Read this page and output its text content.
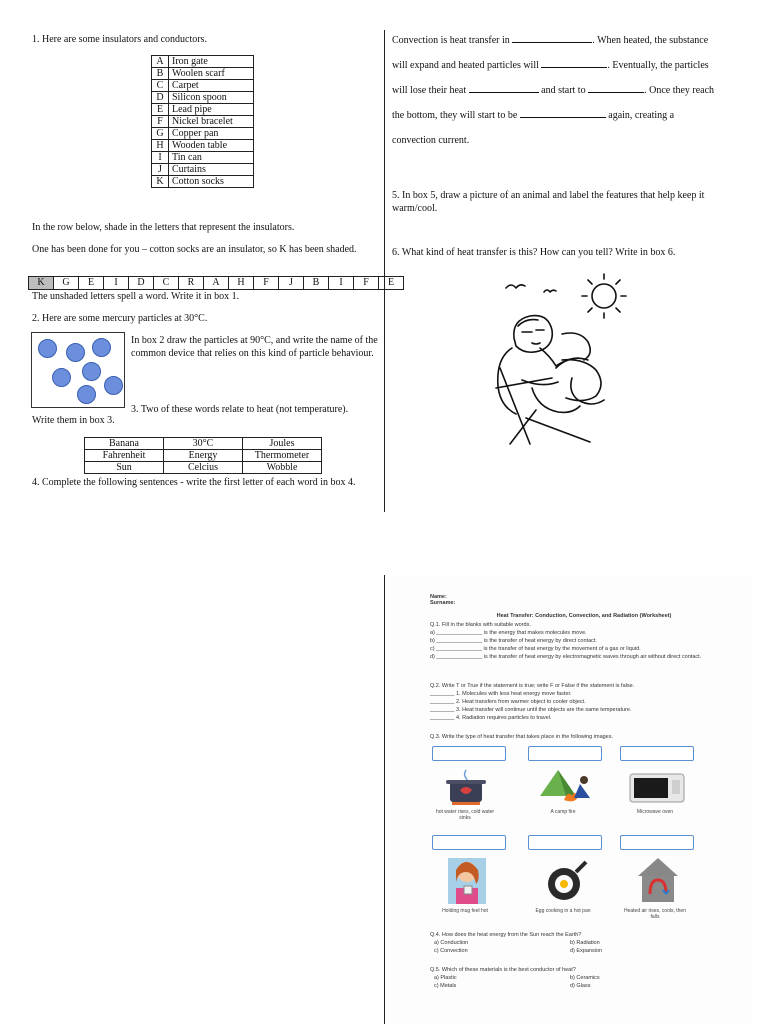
1. Here are some insulators and conductors.
A	Iron gate
B	Woolen scarf
C	Carpet
D	Silicon spoon
E	Lead pipe
F	Nickel bracelet
G	Copper pan
H	Wooden table
I	Tin can
J	Curtains
K	Cotton socks
In the row below, shade in the letters that represent the insulators.
One has been done for you – cotton socks are an insulator, so K has been shaded.
K	G	E	I	D	C	R	A	H	F	J	B	I	F	E
The unshaded letters spell a word. Write it in box 1.
2. Here are some mercury particles at 30°C.
In box 2 draw the particles at 90°C, and write the name of the common device that relies on this kind of particle behaviour.
3. Two of these words relate to heat (not temperature).
Write them in box 3.
Banana	30°C	Joules
Fahrenheit	Energy	Thermometer
Sun	Celcius	Wobble
4. Complete the following sentences - write the first letter of each word in box 4.
Convection is heat transfer in	. When heated, the substance
will expand and heated particles will	. Eventually, the particles
will lose their heat	and start to	. Once they reach
the bottom, they will start to be	again, creating a
convection current.
5. In box 5, draw a picture of an animal and label the features that help keep it warm/cool.
6. What kind of heat transfer is this? How can you tell? Write in box 6.
Name:
Surname:
Heat Transfer: Conduction, Convection, and Radiation (Worksheet)
Q.1. Fill in the blanks with suitable words.
a) _______________ is the energy that makes molecules move.
b) _______________ is the transfer of heat energy by direct contact.
c) _______________ is the transfer of heat energy by the movement of a gas or liquid.
d) _______________ is the transfer of heat energy by electromagnetic waves through air without direct contact.
Q.2. Write T or True if the statement is true; write F or False if the statement is false.
________ 1. Molecules with less heat energy move faster.
________ 2. Heat transfers from warmer object to cooler object.
________ 3. Heat transfer will continue until the objects are the same temperature.
________ 4. Radiation requires particles to travel.
Q.3. Write the type of heat transfer that takes place in the following images.
hot water rises, cold water sinks
A camp fire	Microwave oven
Holding mug feel hot	Egg cooking in a hot pan	Heated air rises, cools, then falls
Q.4. How does the heat energy from the Sun reach the Earth?
a) Conduction	b) Radiation
c) Convection	d) Expansion
Q.5. Which of these materials is the best conductor of heat?
a) Plastic	b) Ceramics
c) Metals	d) Glass
